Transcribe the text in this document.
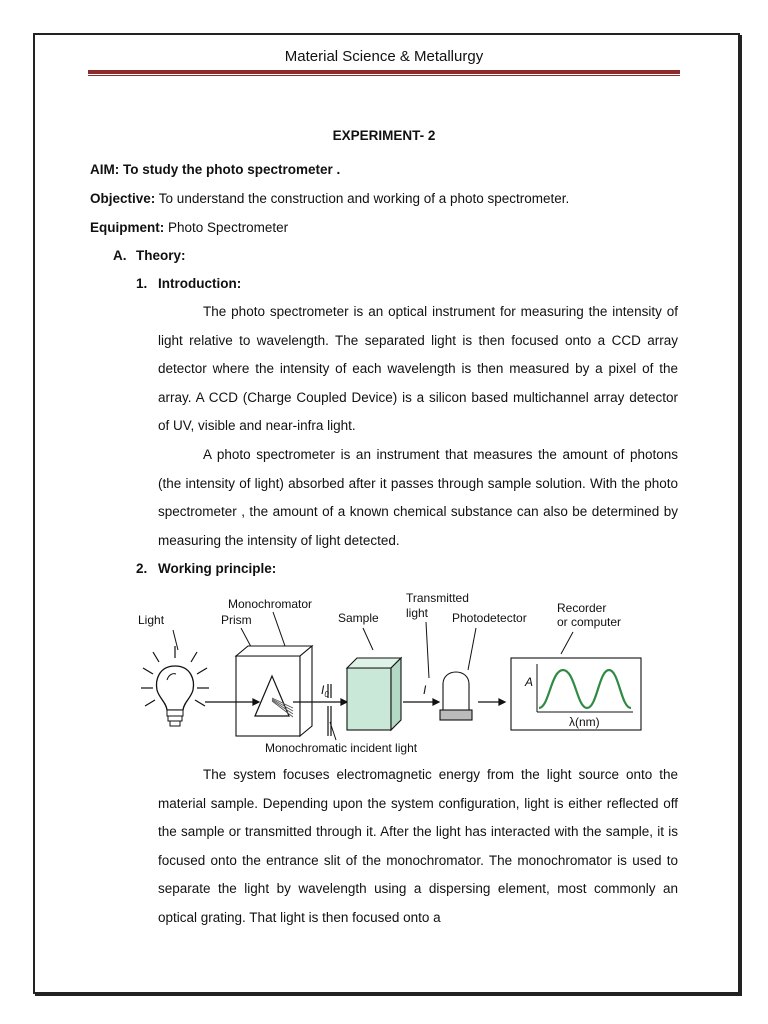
Material Science & Metallurgy
EXPERIMENT- 2
AIM: To study the photo spectrometer .
Objective: To understand the construction and working of a photo spectrometer.
Equipment: Photo Spectrometer
A. Theory:
1. Introduction:

The photo spectrometer is an optical instrument for measuring the intensity of light relative to wavelength. The separated light is then focused onto a CCD array detector where the intensity of each wavelength is then measured by a pixel of the array. A CCD (Charge Coupled Device) is a silicon based multichannel array detector of UV, visible and near-infra light.

A photo spectrometer is an instrument that measures the amount of photons (the intensity of light) absorbed after it passes through sample solution. With the photo spectrometer , the amount of a known chemical substance can also be determined by measuring the intensity of light detected.

2. Working principle:
Light
Monochromator
Prism	Sample
Transmitted
light Photodetector
Recorder
or computer
$I_0$	I
A
λ(nm)
Monochromatic incident light

The system focuses electromagnetic energy from the light source onto the material sample. Depending upon the system configuration, light is either reflected off the sample or transmitted through it. After the light has interacted with the sample, it is focused onto the entrance slit of the monochromator. The monochromator is used to separate the light by wavelength using a dispersing element, most commonly an optical grating. That light is then focused onto a
